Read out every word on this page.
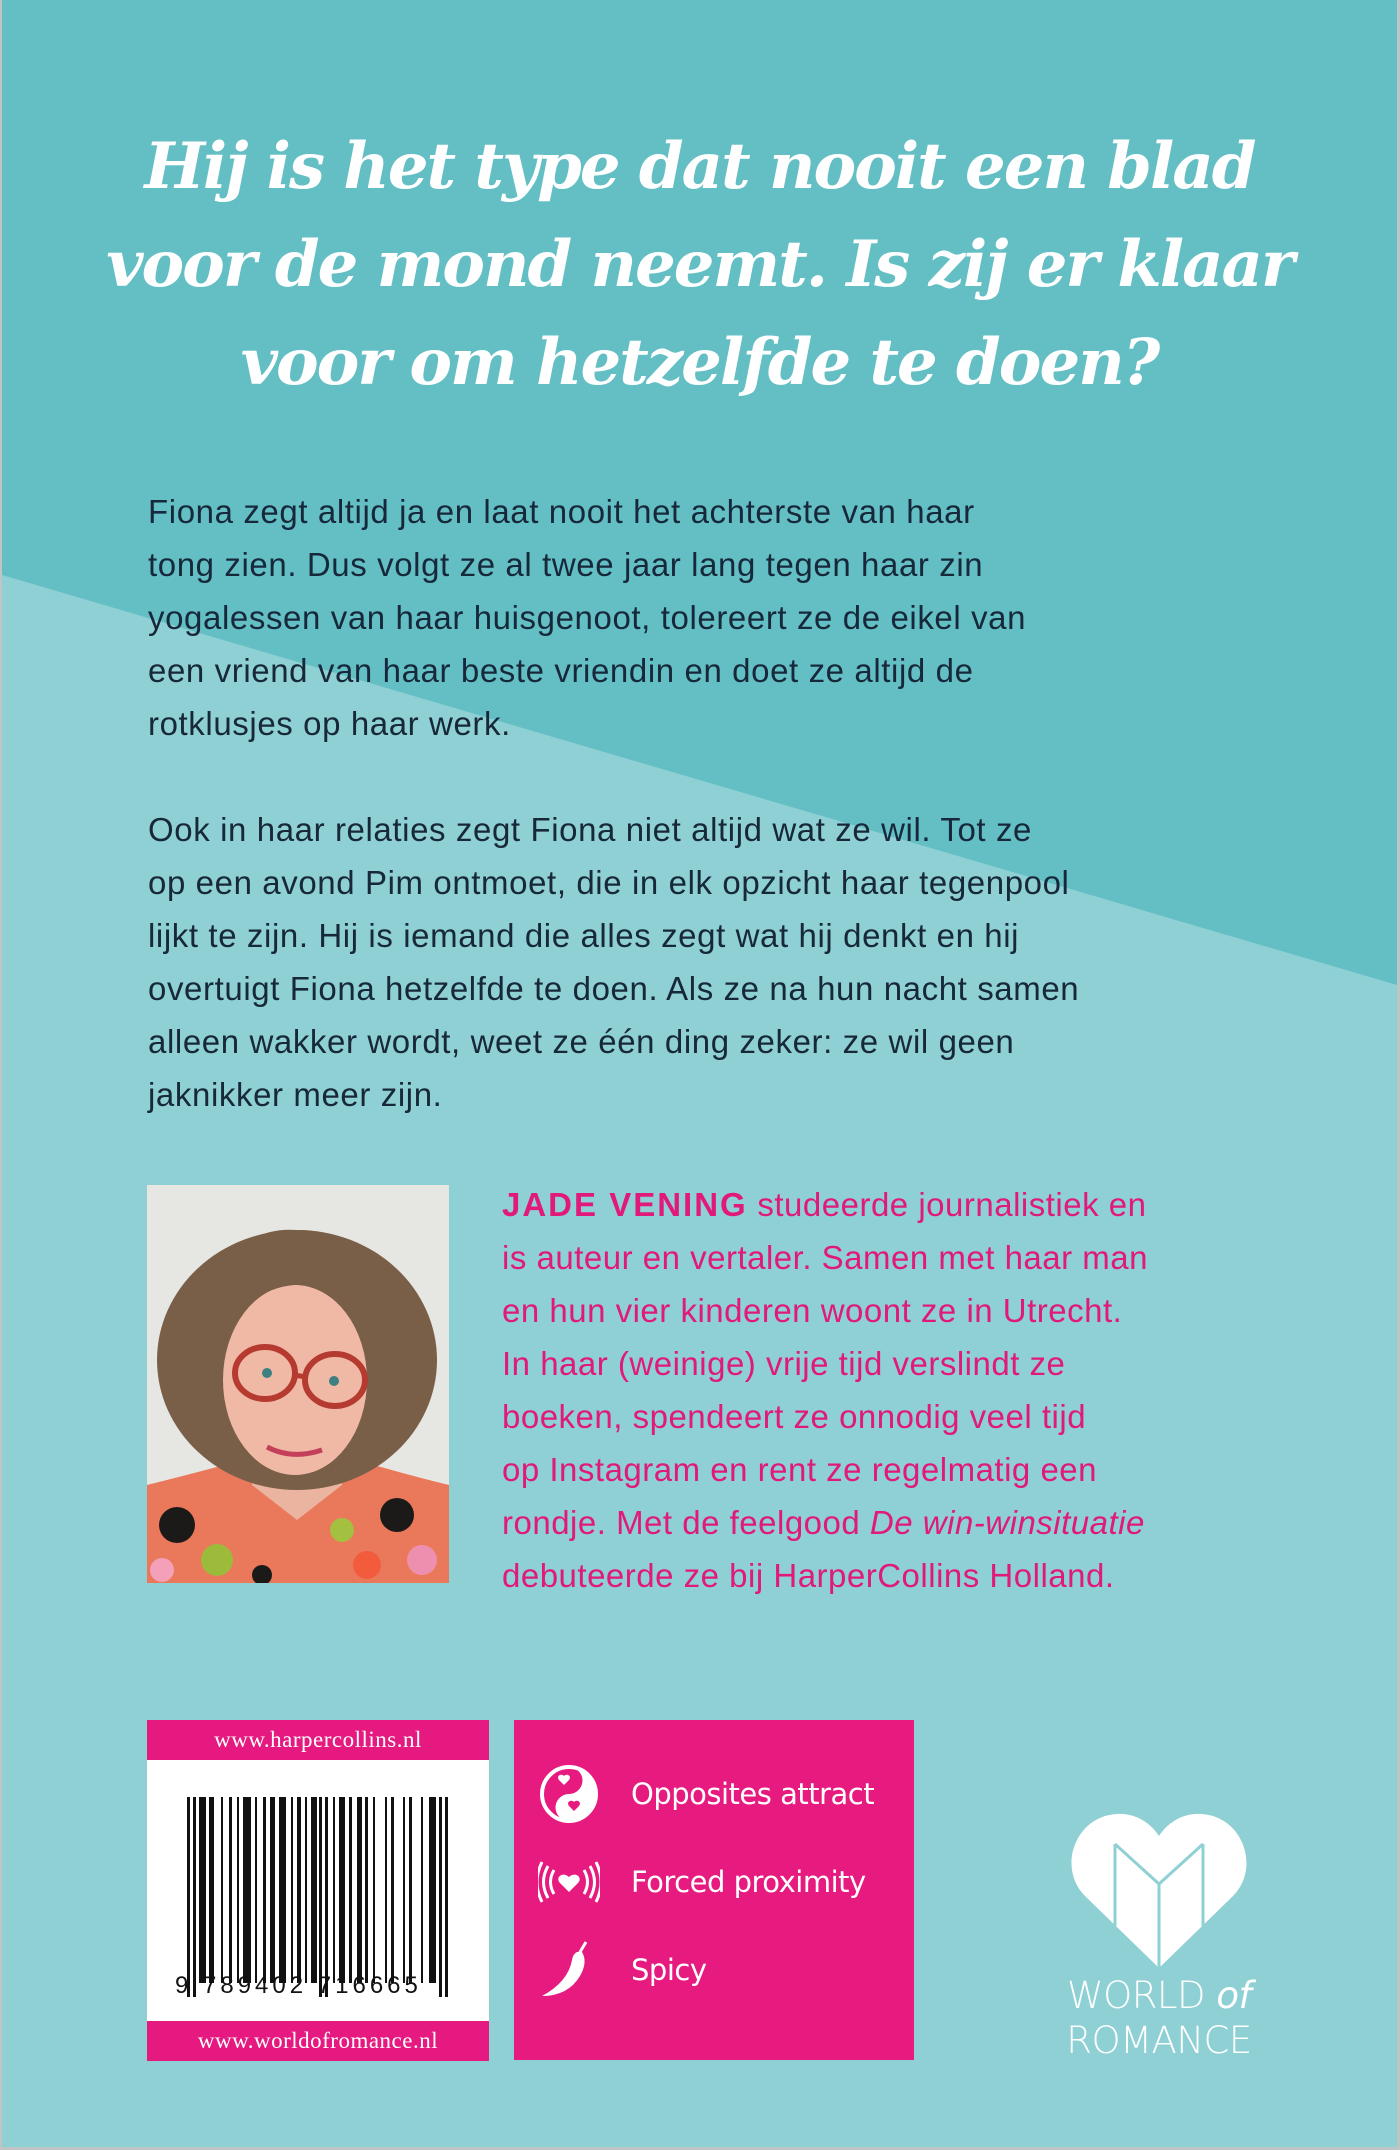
Hij is het type dat nooit een blad
voor de mond neemt. Is zij er klaar
voor om hetzelfde te doen?

Fiona zegt altijd ja en laat nooit het achterste van haar
tong zien. Dus volgt ze al twee jaar lang tegen haar zin
yogalessen van haar huisgenoot, tolereert ze de eikel van
een vriend van haar beste vriendin en doet ze altijd de
rotklusjes op haar werk.

Ook in haar relaties zegt Fiona niet altijd wat ze wil. Tot ze
op een avond Pim ontmoet, die in elk opzicht haar tegenpool
lijkt te zijn. Hij is iemand die alles zegt wat hij denkt en hij
overtuigt Fiona hetzelfde te doen. Als ze na hun nacht samen
alleen wakker wordt, weet ze één ding zeker: ze wil geen
jaknikker meer zijn.

JADE VENING studeerde journalistiek en
is auteur en vertaler. Samen met haar man
en hun vier kinderen woont ze in Utrecht.
In haar (weinige) vrije tijd verslindt ze
boeken, spendeert ze onnodig veel tijd
op Instagram en rent ze regelmatig een
rondje. Met de feelgood De win-winsituatie
debuteerde ze bij HarperCollins Holland.
www.harpercollins.nl
9 789402 716665
www.worldofromance.nl
Opposites attract
Forced proximity
Spicy
WORLD of
ROMANCE
